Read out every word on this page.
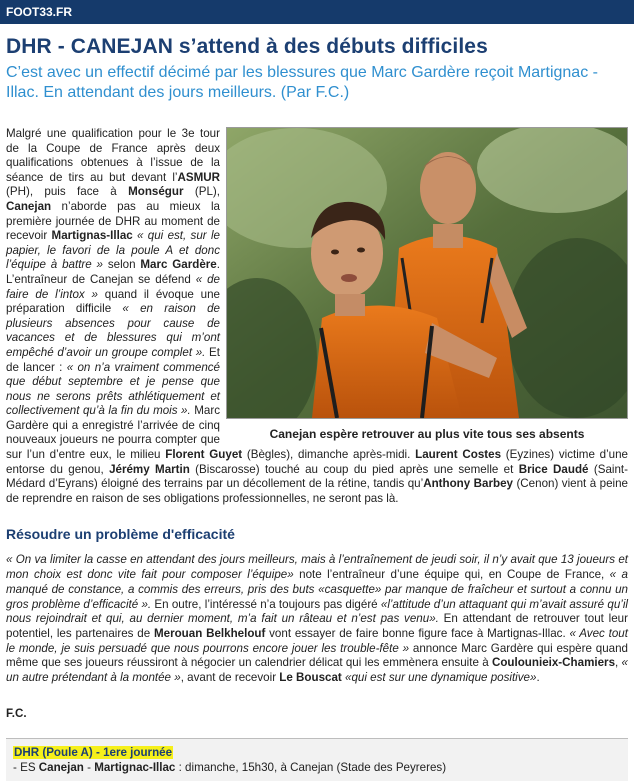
FOOT33.FR
DHR - CANEJAN s’attend à des débuts difficiles

C’est avec un effectif décimé par les blessures que Marc Gardère reçoit Martignac -Illac. En attendant des jours meilleurs. (Par F.C.)

Canejan espère retrouver au plus vite tous ses absents

Malgré une qualification pour le 3e tour de la Coupe de France après deux qualifications obtenues à l’issue de la séance de tirs au but devant l’ASMUR (PH), puis face à Monségur (PL), Canejan n’aborde pas au mieux la première journée de DHR au moment de recevoir Martignas-Illac « qui est, sur le papier, le favori de la poule A et donc l’équipe à battre » selon Marc Gardère. L’entraîneur de Canejan se défend « de faire de l’intox » quand il évoque une préparation difficile « en raison de plusieurs absences pour cause de vacances et de blessures qui m’ont empêché d’avoir un groupe complet ». Et de lancer : « on n’a vraiment commencé que début septembre et je pense que nous ne serons prêts athlétiquement et collectivement qu’à la fin du mois ». Marc Gardère qui a enregistré l’arrivée de cinq nouveaux joueurs ne pourra compter que sur l’un d’entre eux, le milieu Florent Guyet (Bègles), dimanche après-midi. Laurent Costes (Eyzines) victime d’une entorse du genou, Jérémy Martin (Biscarosse) touché au coup du pied après une semelle et Brice Daudé (Saint-Médard d’Eyrans) éloigné des terrains par un décollement de la rétine, tandis qu’Anthony Barbey (Cenon) vient à peine de reprendre en raison de ses obligations professionnelles, ne seront pas là.

Résoudre un problème d'efficacité

« On va limiter la casse en attendant des jours meilleurs, mais à l’entraînement de jeudi soir, il n’y avait que 13 joueurs et mon choix est donc vite fait pour composer l’équipe» note l’entraîneur d’une équipe qui, en Coupe de France, « a manqué de constance, a commis des erreurs, pris des buts «casquette» par manque de fraîcheur et surtout a connu un gros problème d’efficacité ». En outre, l’intéressé n’a toujours pas digéré «l’attitude d’un attaquant qui m’avait assuré qu’il nous rejoindrait et qui, au dernier moment, m’a fait un râteau et n’est pas venu». En attendant de retrouver tout leur potentiel, les partenaires de Merouan Belkhelouf vont essayer de faire bonne figure face à Martignas-Illac. « Avec tout le monde, je suis persuadé que nous pourrons encore jouer les trouble-fête » annonce Marc Gardère qui espère quand même que ses joueurs réussiront à négocier un calendrier délicat qui les emmènera ensuite à Coulounieix-Chamiers, « un autre prétendant à la montée », avant de recevoir Le Bouscat «qui est sur une dynamique positive».

F.C.

DHR (Poule A) - 1ere journée
- ES Canejan - Martignac-Illac : dimanche, 15h30, à Canejan (Stade des Peyreres)
